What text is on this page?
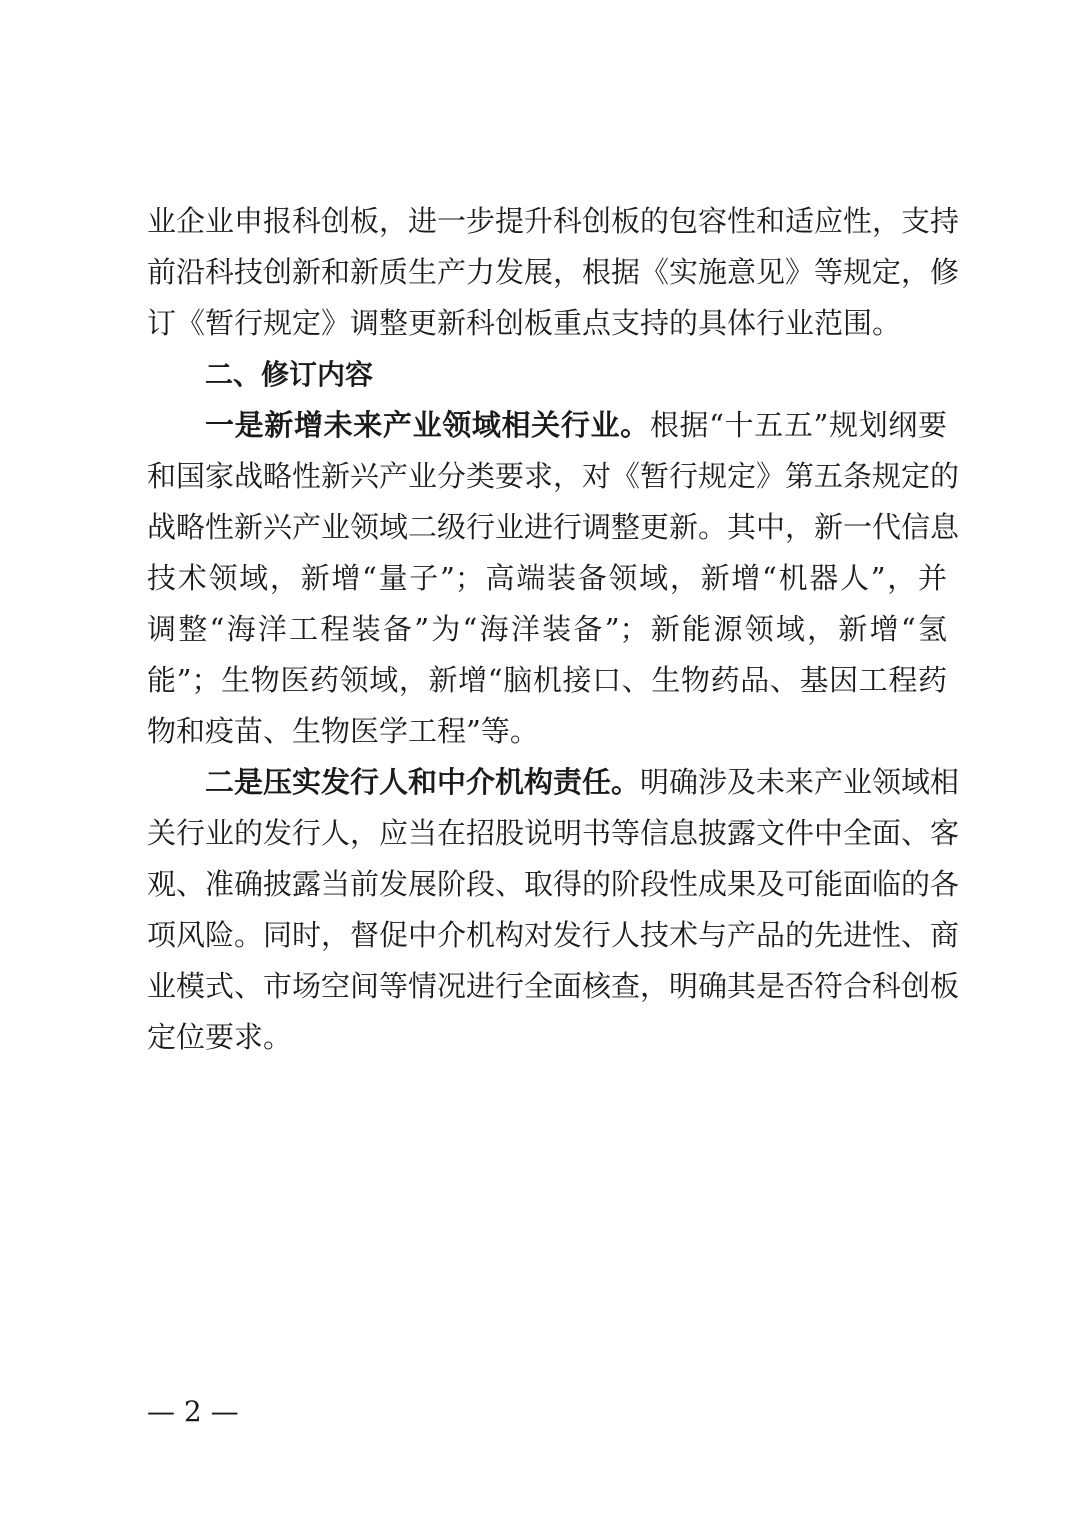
业企业申报科创板，进一步提升科创板的包容性和适应性，支持
前沿科技创新和新质生产力发展，根据《实施意见》等规定，修
订《暂行规定》调整更新科创板重点支持的具体行业范围。
二、修订内容
一是新增未来产业领域相关行业。根据“十五五”规划纲要
和国家战略性新兴产业分类要求，对《暂行规定》第五条规定的
战略性新兴产业领域二级行业进行调整更新。其中，新一代信息
技术领域，新增“量子”；高端装备领域，新增“机器人”，并
调整“海洋工程装备”为“海洋装备”；新能源领域，新增“氢
能”；生物医药领域，新增“脑机接口、生物药品、基因工程药
物和疫苗、生物医学工程”等。
二是压实发行人和中介机构责任。明确涉及未来产业领域相
关行业的发行人，应当在招股说明书等信息披露文件中全面、客
观、准确披露当前发展阶段、取得的阶段性成果及可能面临的各
项风险。同时，督促中介机构对发行人技术与产品的先进性、商
业模式、市场空间等情况进行全面核查，明确其是否符合科创板
定位要求。
— 2 —
